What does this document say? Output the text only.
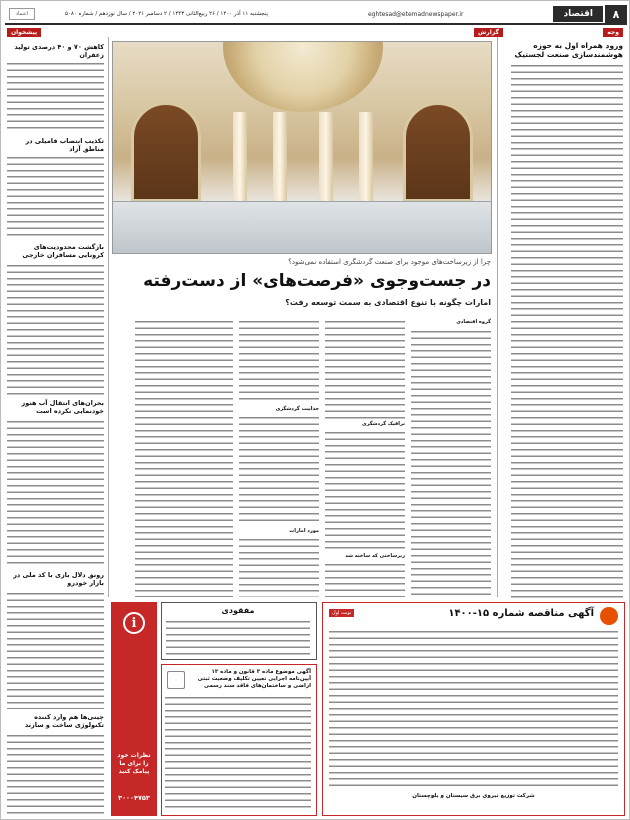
۸
اقتصاد
eghtesad@etemadnewspaper.ir
پنجشنبه ۱۱ آذر ۱۴۰۰ / ۲۶ ربیع‌الثانی ۱۴۴۳ / ۲ دسامبر ۲۰۲۱ / سال نوزدهم / شماره ۵۰۸۰
اعتماد
وجه
گزارش
پیشخوان
ورود همراه اول به حوزه هوشمندسازی صنعت لجستیک
چرا از زیرساخت‌های موجود برای صنعت گردشگری استفاده نمی‌شود؟
در جست‌وجوی «فرصت‌های» از دست‌رفته
امارات چگونه با تنوع اقتصادی به سمت توسعه رفت؟
گروه اقتصادی
ترافیک گردشگری
زیرساختی که ساخته شد
جذابیت گردشگری
مورد امارات
کاهش ۷۰ و ۴۰ درصدی تولید زعفران
تکذیب انتصاب فامیلی در مناطق آزاد
بازگشت محدودیت‌های کرونایی مسافران خارجی
بحران‌های انتقال آب هنوز خودنمایی نکرده است
رونق دلال بازی با کد ملی در بازار خودرو
چینی‌ها هم وارد کننده تکنولوژی ساخت و سازند
آگهی مناقصه شماره ۱۵-۱۴۰۰
نوبت اول
شرکت توزیع نیروی برق سیستان و بلوچستان
مفقودی
آگهی موضوع ماده ۳ قانون و ماده ۱۳ آیین‌نامه اجرایی تعیین تکلیف وضعیت ثبتی اراضی و ساختمان‌های فاقد سند رسمی
i
نظرات خود را برای ما پیامک کنید
۳۰۰۰۴۷۵۳
